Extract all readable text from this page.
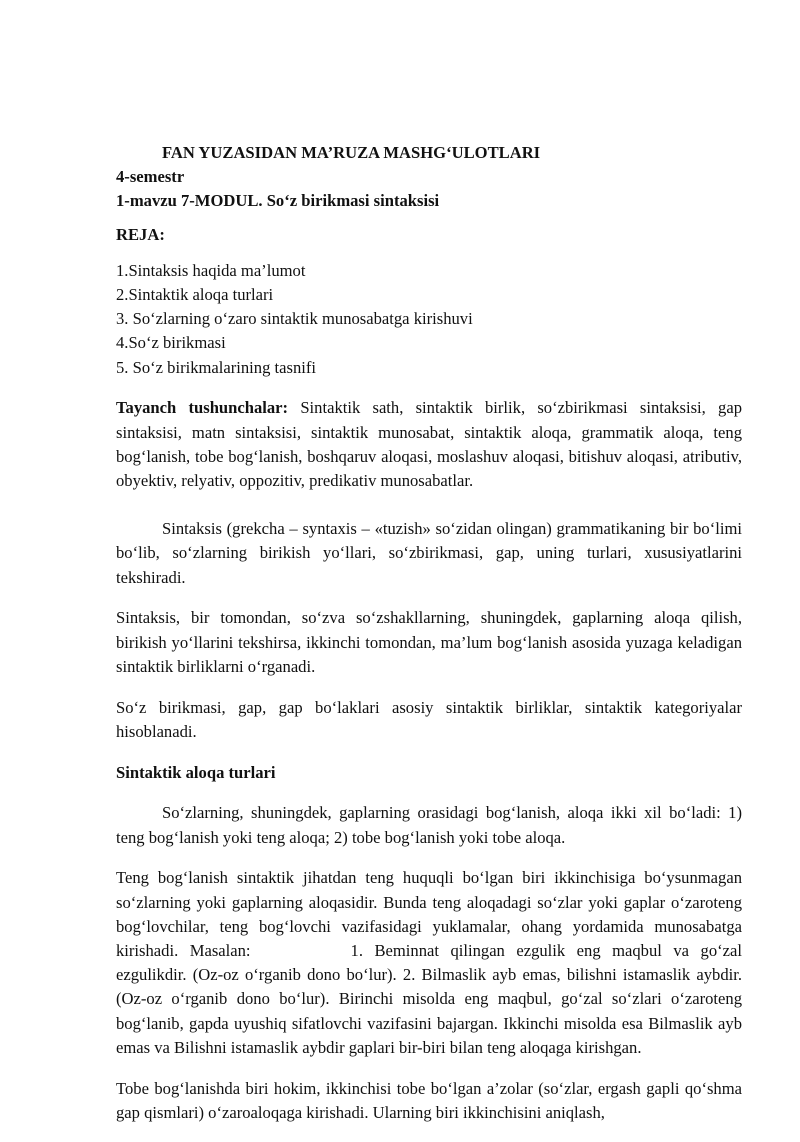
FAN YUZASIDAN MA’RUZA MASHG‘ULOTLARI

4-semestr

1-mavzu 7-MODUL. So‘z birikmasi sintaksisi

REJA:

1.Sintaksis haqida ma’lumot

2.Sintaktik aloqa turlari

3. So‘zlarning o‘zaro sintaktik munosabatga kirishuvi

4.So‘z birikmasi

5. So‘z birikmalarining tasnifi

Tayanch tushunchalar: Sintaktik sath, sintaktik birlik, so‘zbirikmasi sintaksisi, gap sintaksisi, matn sintaksisi, sintaktik munosabat, sintaktik aloqa, grammatik aloqa, teng bog‘lanish, tobe bog‘lanish, boshqaruv aloqasi, moslashuv aloqasi, bitishuv aloqasi, atributiv, obyektiv, relyativ, oppozitiv, predikativ munosabatlar.

Sintaksis (grekcha – syntaxis – «tuzish» so‘zidan olingan) grammatikaning bir bo‘limi bo‘lib, so‘zlarning birikish yo‘llari, so‘zbirikmasi, gap, uning turlari, xususiyatlarini tekshiradi.

Sintaksis, bir tomondan, so‘zva so‘zshakllarning, shuningdek, gaplarning aloqa qilish, birikish yo‘llarini tekshirsa, ikkinchi tomondan, ma’lum bog‘lanish asosida yuzaga keladigan sintaktik birliklarni o‘rganadi.

So‘z birikmasi, gap, gap bo‘laklari asosiy sintaktik birliklar, sintaktik kategoriyalar hisoblanadi.

Sintaktik aloqa turlari

So‘zlarning, shuningdek, gaplarning orasidagi bog‘lanish, aloqa ikki xil bo‘ladi: 1) teng bog‘lanish yoki teng aloqa; 2) tobe bog‘lanish yoki tobe aloqa.

Teng bog‘lanish sintaktik jihatdan teng huquqli bo‘lgan biri ikkinchisiga bo‘ysunmagan so‘zlarning yoki gaplarning aloqasidir. Bunda teng aloqadagi so‘zlar yoki gaplar o‘zaroteng bog‘lovchilar, teng bog‘lovchi vazifasidagi yuklamalar, ohang yordamida munosabatga kirishadi. Masalan:	1. Beminnat qilingan ezgulik eng maqbul va go‘zal ezgulikdir. (Oz-oz o‘rganib dono bo‘lur). 2. Bilmaslik ayb emas, bilishni istamaslik aybdir. (Oz-oz o‘rganib dono bo‘lur). Birinchi misolda eng maqbul, go‘zal so‘zlari o‘zaroteng bog‘lanib, gapda uyushiq sifatlovchi vazifasini bajargan. Ikkinchi misolda esa Bilmaslik ayb emas va Bilishni istamaslik aybdir gaplari bir-biri bilan teng aloqaga kirishgan.

Tobe bog‘lanishda biri hokim, ikkinchisi tobe bo‘lgan a’zolar (so‘zlar, ergash gapli qo‘shma gap qismlari) o‘zaroaloqaga kirishadi. Ularning biri ikkinchisini aniqlash,
